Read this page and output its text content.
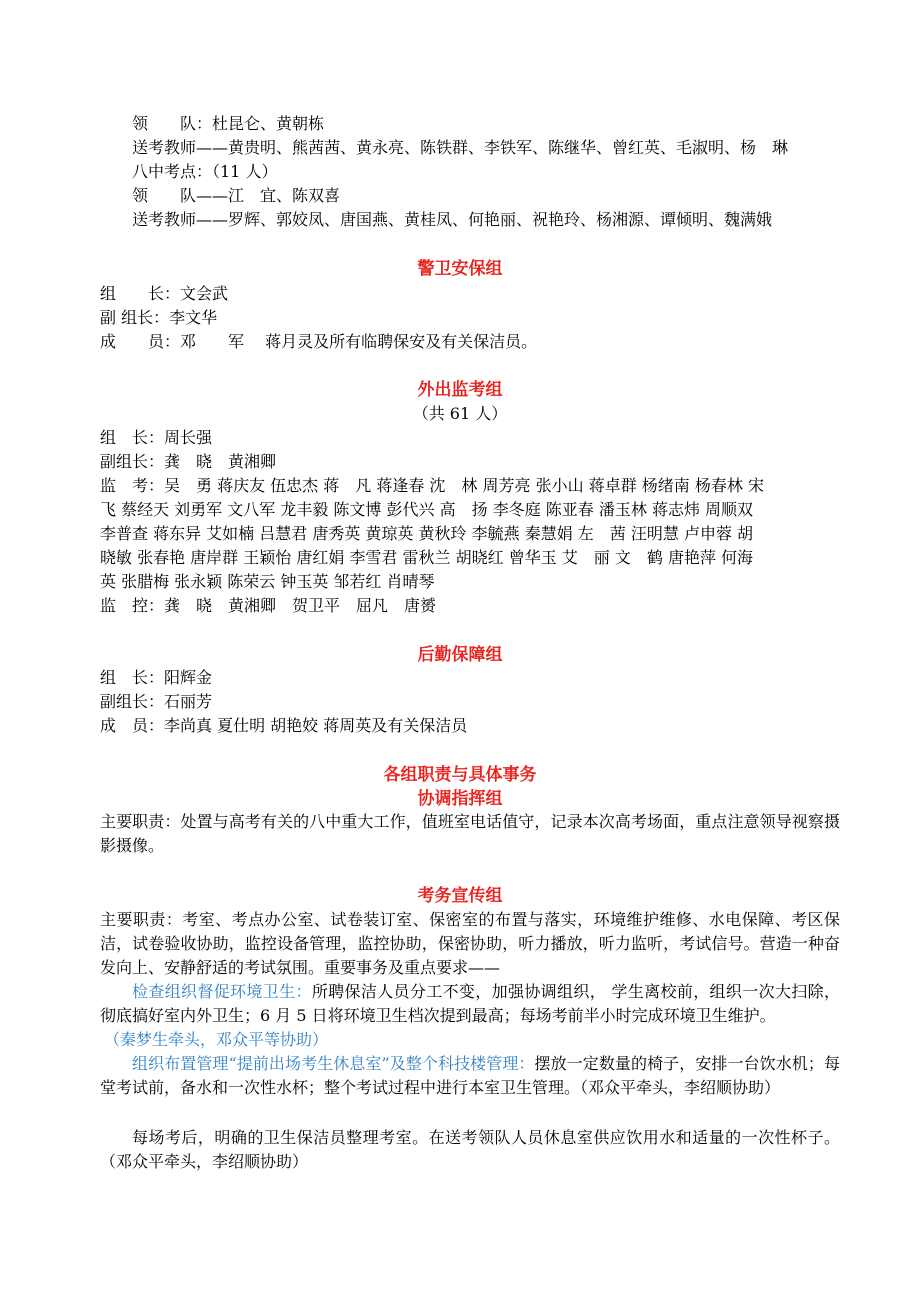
领　　队：杜昆仑、黄朝栋
送考教师——黄贵明、熊茜茜、黄永亮、陈铁群、李铁军、陈继华、曾红英、毛淑明、杨　琳
八中考点：（11 人）
领　　队——江　宜、陈双喜
送考教师——罗辉、郭姣凤、唐国燕、黄桂凤、何艳丽、祝艳玲、杨湘源、谭倾明、魏满娥
警卫安保组
组　　长：文会武
副 组长：李文华
成　　员：邓　　军　 蒋月灵及所有临聘保安及有关保洁员。
外出监考组
（共 61 人）
组　长：周长强
副组长：龚　晓　黄湘卿
监　考：吴　勇 蒋庆友 伍忠杰 蒋　凡 蒋逢春 沈　林 周芳亮 张小山 蒋卓群 杨绪南 杨春林 宋
飞 蔡经天 刘勇军 文八军 龙丰毅 陈文博 彭代兴 高　扬 李冬庭 陈亚春 潘玉林 蒋志炜 周顺双
李普查 蒋东异 艾如楠 吕慧君 唐秀英 黄琼英 黄秋玲 李毓燕 秦慧娟 左　茜 汪明慧 卢申蓉 胡
晓敏 张春艳 唐岸群 王颖怡 唐红娟 李雪君 雷秋兰 胡晓红 曾华玉 艾　丽 文　鹤 唐艳萍 何海
英 张腊梅 张永颖 陈荣云 钟玉英 邹若红 肖晴琴
监　控：龚　晓　黄湘卿　贺卫平　屈凡　唐赟
后勤保障组
组　长：阳辉金
副组长：石丽芳
成　员：李尚真 夏仕明 胡艳姣 蒋周英及有关保洁员
各组职责与具体事务
协调指挥组
主要职责：处置与高考有关的八中重大工作，值班室电话值守，记录本次高考场面，重点注意领导视察摄影摄像。
考务宣传组
主要职责：考室、考点办公室、试卷装订室、保密室的布置与落实，环境维护维修、水电保障、考区保洁，试卷验收协助，监控设备管理，监控协助，保密协助，听力播放，听力监听，考试信号。营造一种奋发向上、安静舒适的考试氛围。重要事务及重点要求——
检查组织督促环境卫生：所聘保洁人员分工不变，加强协调组织， 学生离校前，组织一次大扫除，彻底搞好室内外卫生；6 月 5 日将环境卫生档次提到最高；每场考前半小时完成环境卫生维护。
（秦梦生牵头，邓众平等协助）
组织布置管理“提前出场考生休息室”及整个科技楼管理：摆放一定数量的椅子，安排一台饮水机；每堂考试前，备水和一次性水杯；整个考试过程中进行本室卫生管理。（邓众平牵头，李绍顺协助）
每场考后，明确的卫生保洁员整理考室。在送考领队人员休息室供应饮用水和适量的一次性杯子。（邓众平牵头，李绍顺协助）
